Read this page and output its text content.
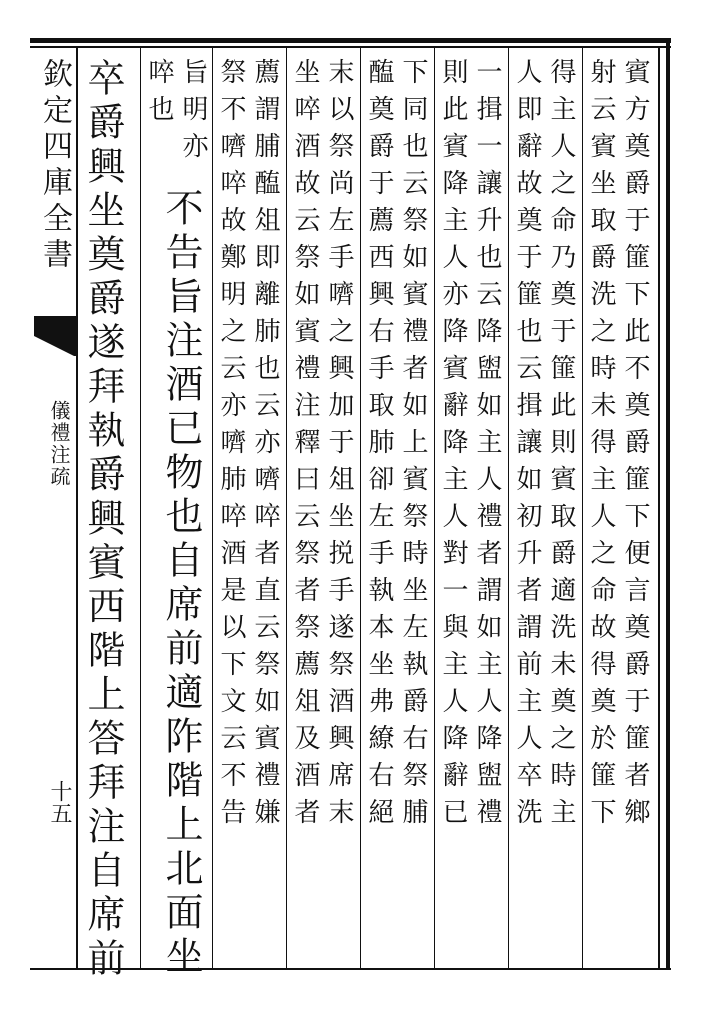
欽定四庫全書
儀禮注疏
十五	賓方奠爵于篚下此不奠爵篚下便言奠爵于篚者鄉
射云賓坐取爵洗之時未得主人之命故得奠於篚下
得主人之命乃奠于篚此則賓取爵適洗未奠之時主
人即辭故奠于篚也云揖讓如初升者謂前主人卒洗
一揖一讓升也云降盥如主人禮者謂如主人降盥禮
則此賓降主人亦降賓辭降主人對一與主人降辭已
下同也云祭如賓禮者如上賓祭時坐左執爵右祭脯
醢奠爵于薦西興右手取肺卻左手執本坐弗繚右絕
末以祭尚左手嚌之興加于俎坐捝手遂祭酒興席末
坐啐酒故云祭如賓禮注釋曰云祭者祭薦俎及酒者
薦謂脯醢俎即離肺也云亦嚌啐者直云祭如賓禮嫌
祭不嚌啐故鄭明之云亦嚌肺啐酒是以下文云不告
旨明亦
啐也
不告旨注酒已物也自席前適阼階上北面坐
卒爵興坐奠爵遂拜執爵興賓西階上答拜注自席前
